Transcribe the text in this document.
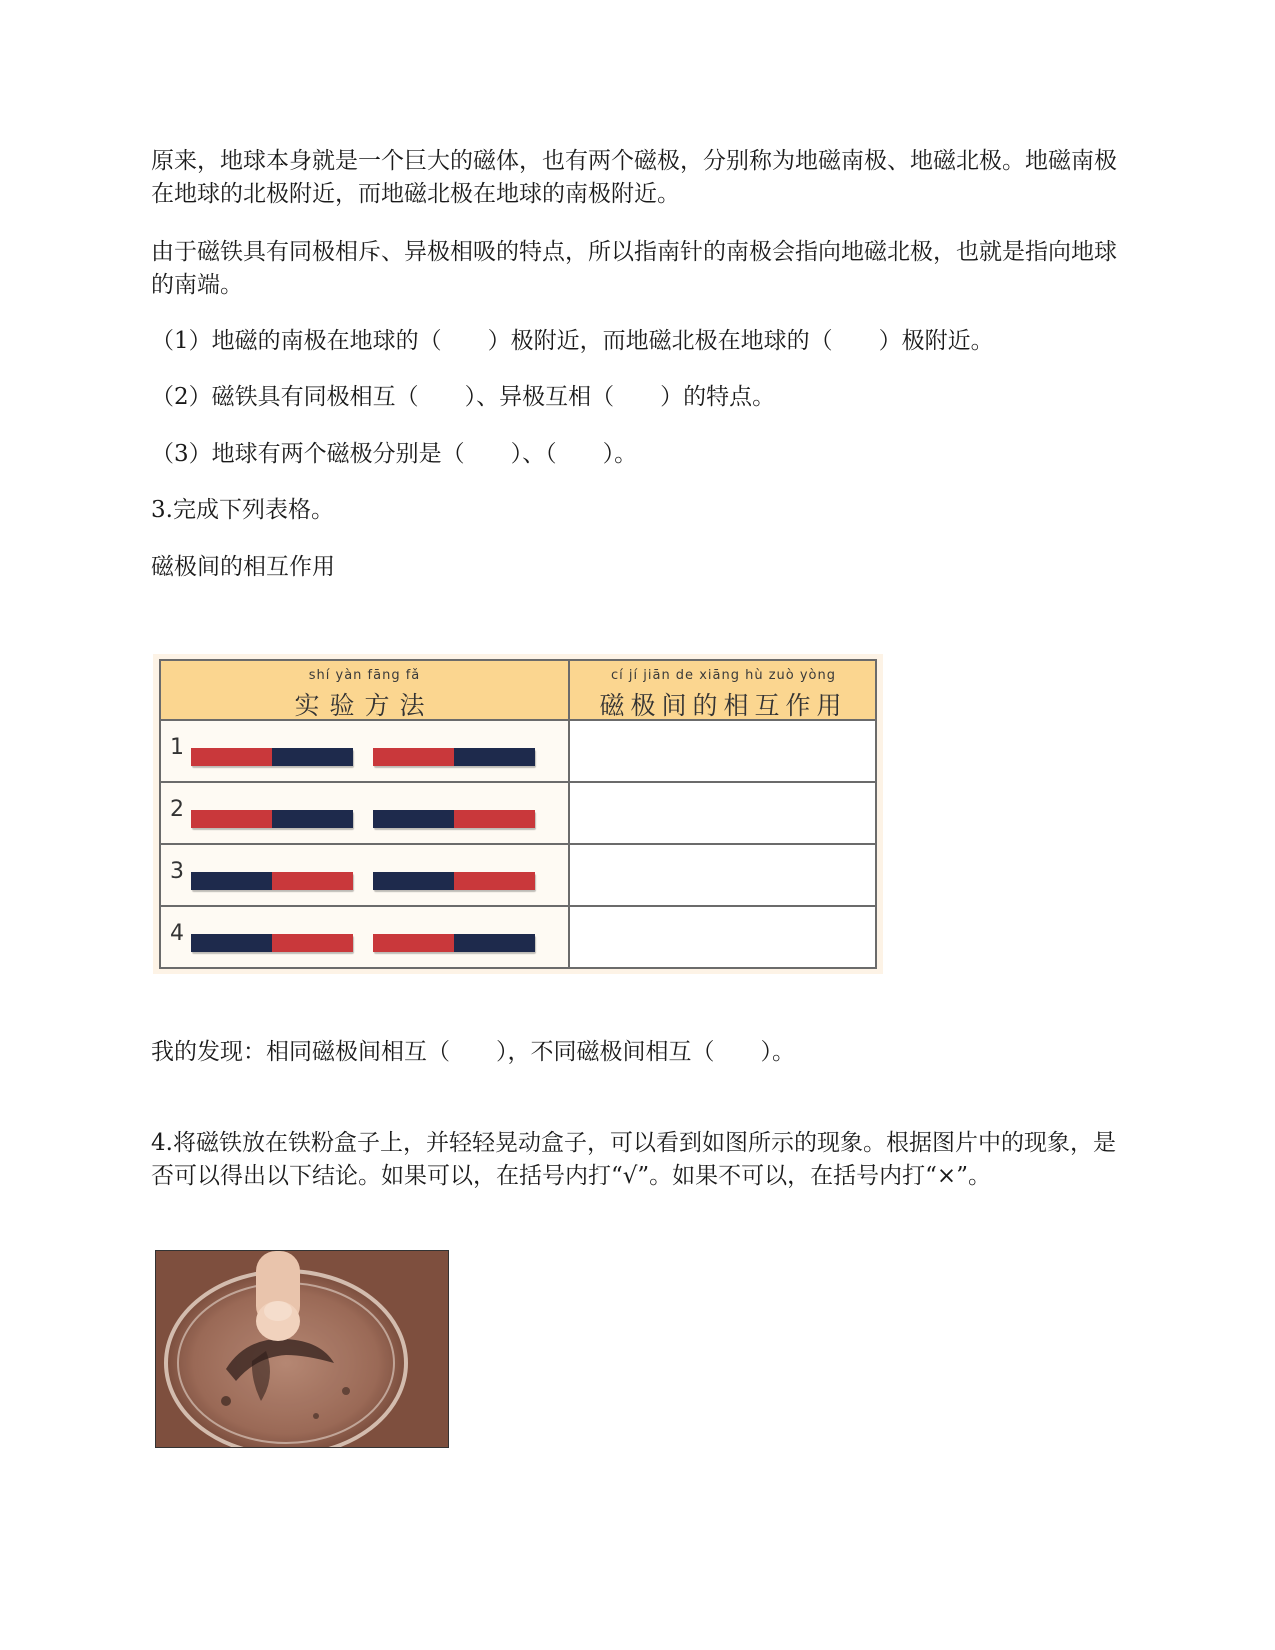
原来，地球本身就是一个巨大的磁体，也有两个磁极，分别称为地磁南极、地磁北极。地磁南极在地球的北极附近，而地磁北极在地球的南极附近。

由于磁铁具有同极相斥、异极相吸的特点，所以指南针的南极会指向地磁北极，也就是指向地球的南端。

（1）地磁的南极在地球的（　　）极附近，而地磁北极在地球的（　　）极附近。

（2）磁铁具有同极相互（　　）、异极互相（　　）的特点。

（3）地球有两个磁极分别是（　　）、（　　）。

3.完成下列表格。

磁极间的相互作用

shí yàn fāng fǎ
实验方法
cí jí jiān de xiāng hù zuò yòng
磁极间的相互作用
1
2
3
4

我的发现：相同磁极间相互（　　），不同磁极间相互（　　）。

4.将磁铁放在铁粉盒子上，并轻轻晃动盒子，可以看到如图所示的现象。根据图片中的现象，是否可以得出以下结论。如果可以，在括号内打“√”。如果不可以，在括号内打“×”。
